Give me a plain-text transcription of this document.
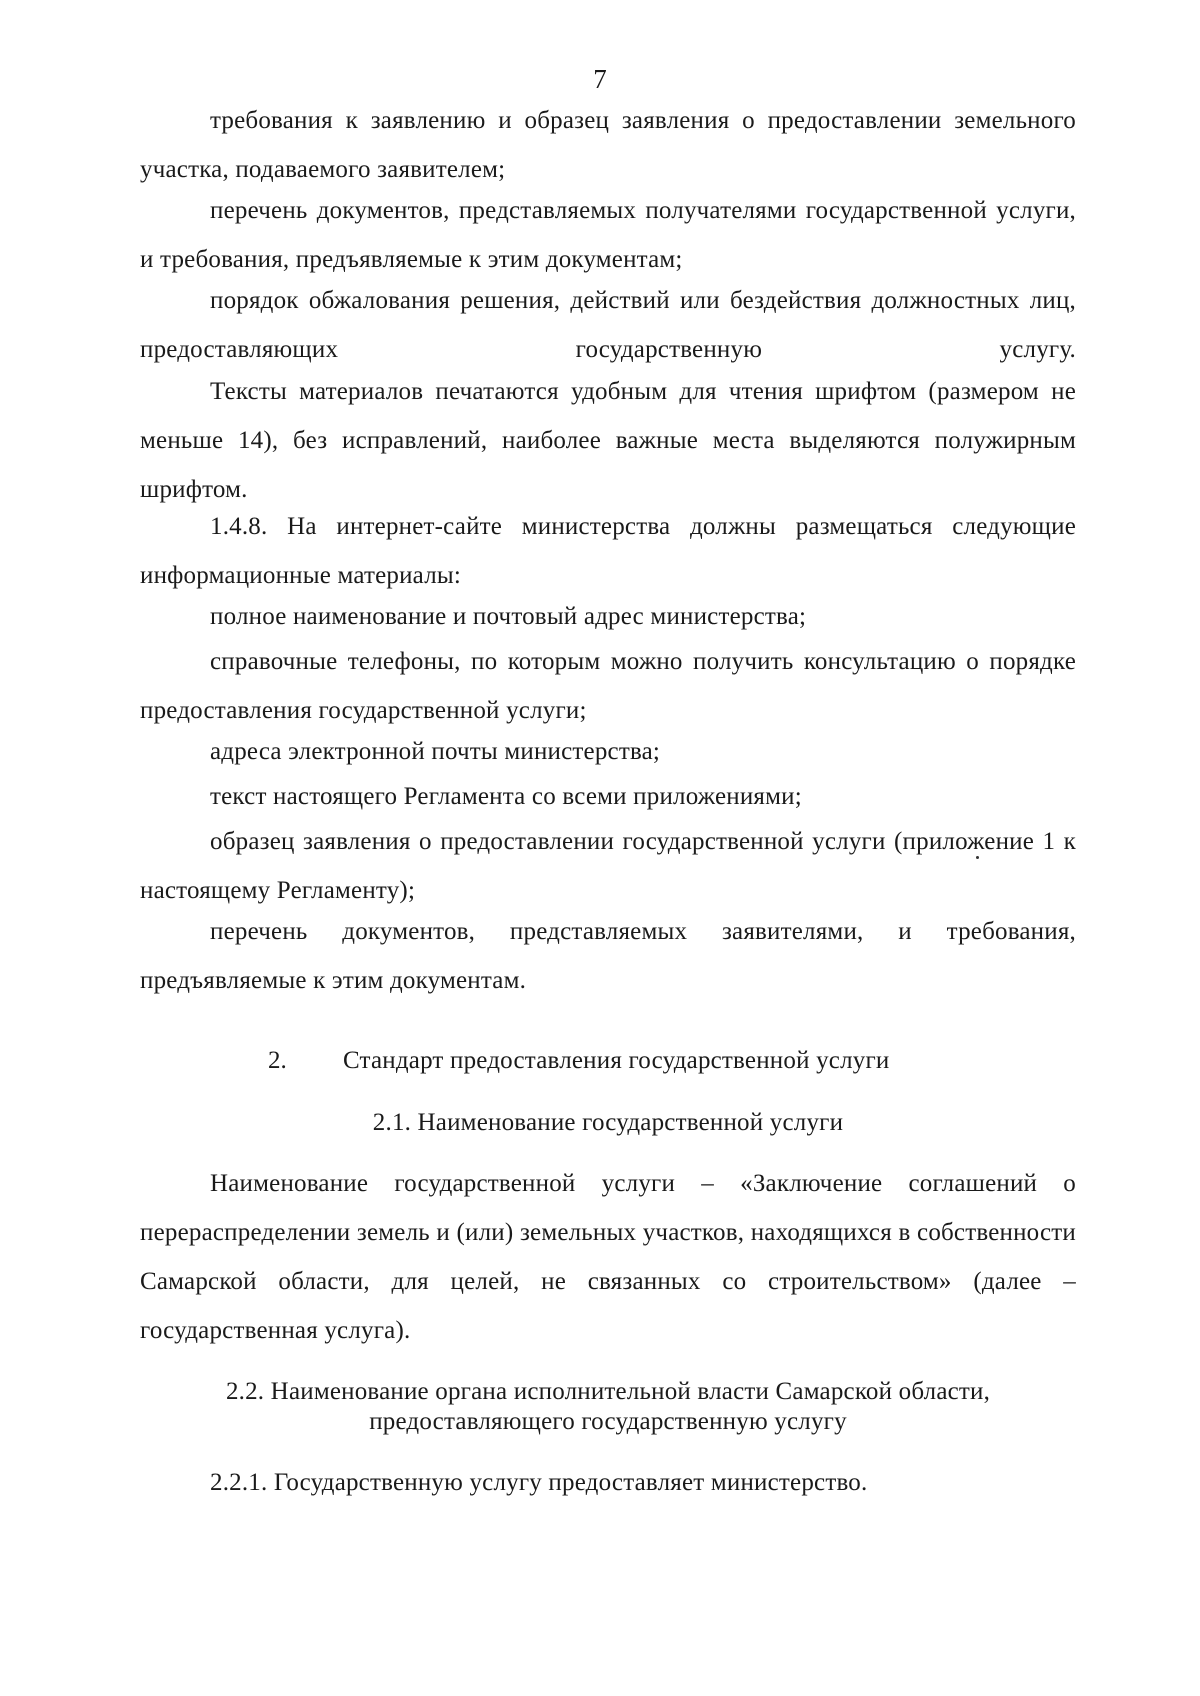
7
требования к заявлению и образец заявления о предоставлении земельного участка, подаваемого заявителем;
перечень документов, представляемых получателями государственной услуги, и требования, предъявляемые к этим документам;
порядок обжалования решения, действий или бездействия должностных лиц, предоставляющих государственную услугу.
Тексты материалов печатаются удобным для чтения шрифтом (размером не меньше 14), без исправлений, наиболее важные места выделяются полужирным шрифтом.
1.4.8. На интернет-сайте министерства должны размещаться следующие информационные материалы:
полное наименование и почтовый адрес министерства;
справочные телефоны, по которым можно получить консультацию о порядке предоставления государственной услуги;
адреса электронной почты министерства;
текст настоящего Регламента со всеми приложениями;
образец заявления о предоставлении государственной услуги (приложение 1 к настоящему Регламенту);
перечень документов, представляемых заявителями, и требования, предъявляемые к этим документам.
2. Стандарт предоставления государственной услуги
2.1. Наименование государственной услуги
Наименование государственной услуги – «Заключение соглашений о перераспределении земель и (или) земельных участков, находящихся в собственности Самарской области, для целей, не связанных со строительством» (далее – государственная услуга).
2.2. Наименование органа исполнительной власти Самарской области,
предоставляющего государственную услугу
2.2.1. Государственную услугу предоставляет министерство.
